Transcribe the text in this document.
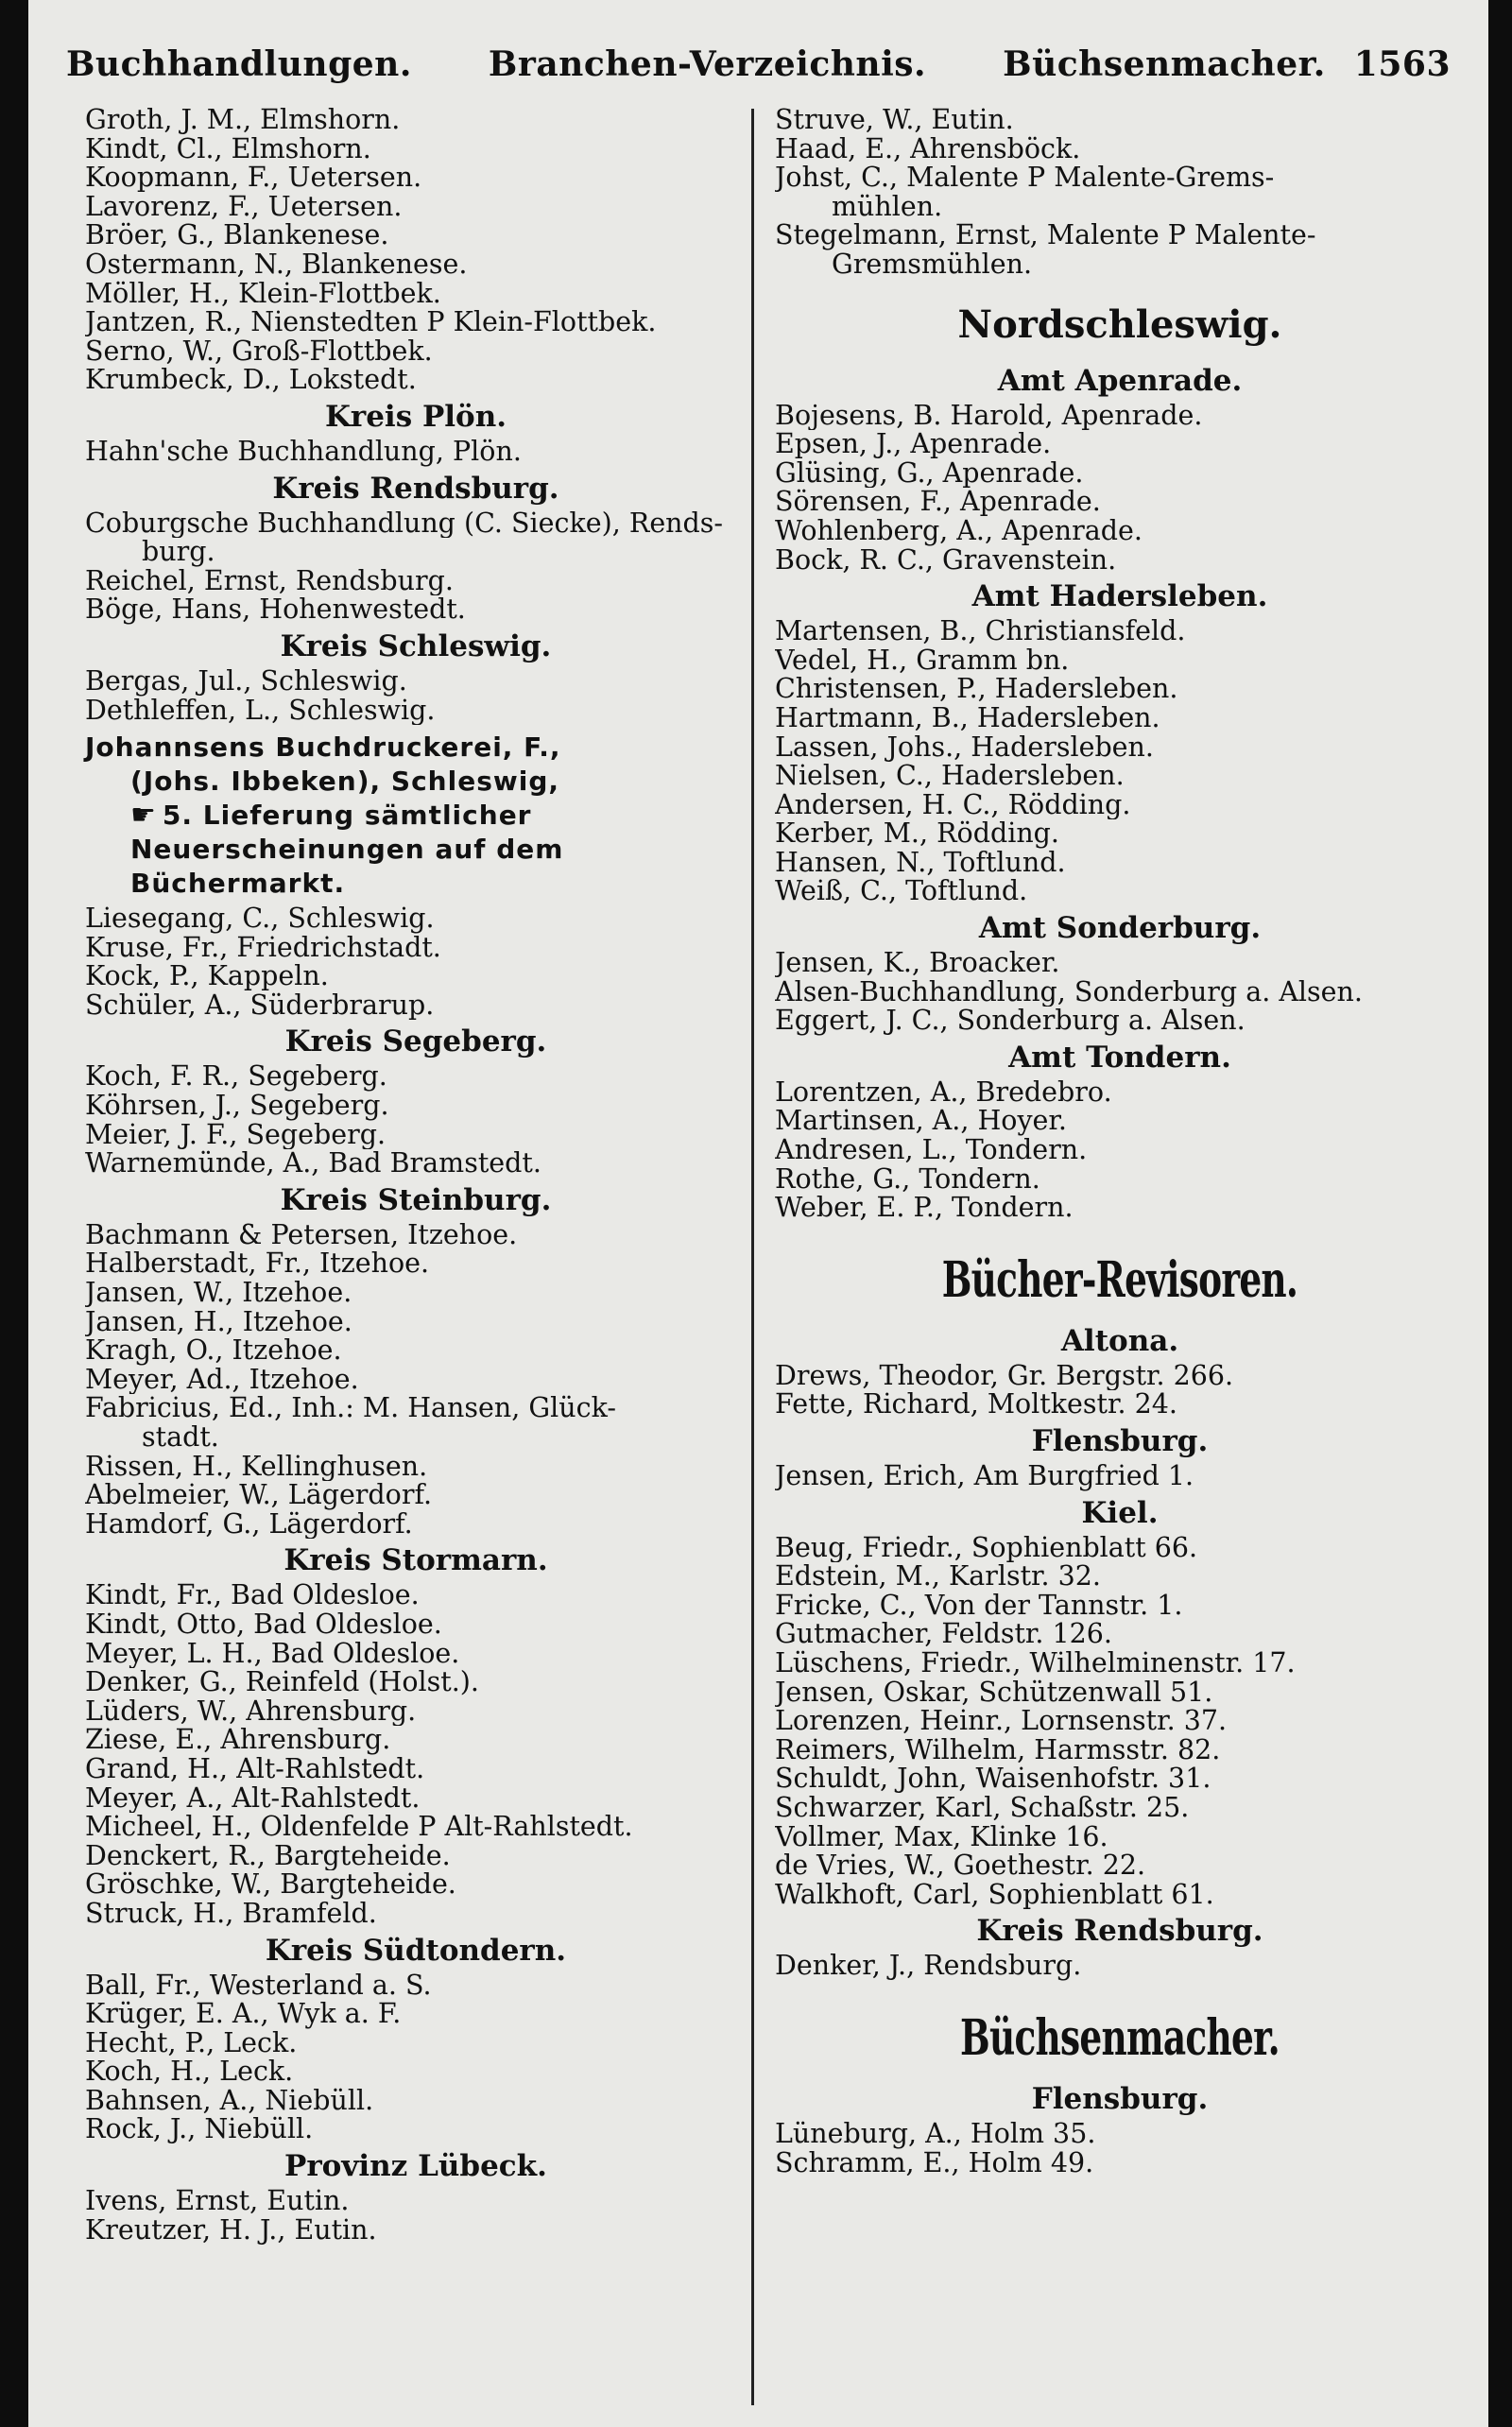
Buchhandlungen. Branchen-Verzeichnis. Büchsenmacher. 1563
Groth, J. M., Elmshorn.
Kindt, Cl., Elmshorn.
Koopmann, F., Uetersen.
Lavorenz, F., Uetersen.
Bröer, G., Blankenese.
Ostermann, N., Blankenese.
Möller, H., Klein-Flottbek.
Jantzen, R., Nienstedten P Klein-Flottbek.
Serno, W., Groß-Flottbek.
Krumbeck, D., Lokstedt.
Kreis Plön.
Hahn'sche Buchhandlung, Plön.
Kreis Rendsburg.
Coburgsche Buchhandlung (C. Siecke), Rends-
burg.
Reichel, Ernst, Rendsburg.
Böge, Hans, Hohenwestedt.
Kreis Schleswig.
Bergas, Jul., Schleswig.
Dethleffen, L., Schleswig.
Johannsens Buchdruckerei, F.,
(Johs. Ibbeken), Schleswig,
☛ 5. Lieferung sämtlicher
Neuerscheinungen auf dem
Büchermarkt.
Liesegang, C., Schleswig.
Kruse, Fr., Friedrichstadt.
Kock, P., Kappeln.
Schüler, A., Süderbrarup.
Kreis Segeberg.
Koch, F. R., Segeberg.
Köhrsen, J., Segeberg.
Meier, J. F., Segeberg.
Warnemünde, A., Bad Bramstedt.
Kreis Steinburg.
Bachmann & Petersen, Itzehoe.
Halberstadt, Fr., Itzehoe.
Jansen, W., Itzehoe.
Jansen, H., Itzehoe.
Kragh, O., Itzehoe.
Meyer, Ad., Itzehoe.
Fabricius, Ed., Inh.: M. Hansen, Glück-
stadt.
Rissen, H., Kellinghusen.
Abelmeier, W., Lägerdorf.
Hamdorf, G., Lägerdorf.
Kreis Stormarn.
Kindt, Fr., Bad Oldesloe.
Kindt, Otto, Bad Oldesloe.
Meyer, L. H., Bad Oldesloe.
Denker, G., Reinfeld (Holst.).
Lüders, W., Ahrensburg.
Ziese, E., Ahrensburg.
Grand, H., Alt-Rahlstedt.
Meyer, A., Alt-Rahlstedt.
Micheel, H., Oldenfelde P Alt-Rahlstedt.
Denckert, R., Bargteheide.
Gröschke, W., Bargteheide.
Struck, H., Bramfeld.
Kreis Südtondern.
Ball, Fr., Westerland a. S.
Krüger, E. A., Wyk a. F.
Hecht, P., Leck.
Koch, H., Leck.
Bahnsen, A., Niebüll.
Rock, J., Niebüll.
Provinz Lübeck.
Ivens, Ernst, Eutin.
Kreutzer, H. J., Eutin.
Struve, W., Eutin.
Haad, E., Ahrensböck.
Johst, C., Malente P Malente-Grems-
mühlen.
Stegelmann, Ernst, Malente P Malente-
Gremsmühlen.
Nordschleswig.
Amt Apenrade.
Bojesens, B. Harold, Apenrade.
Epsen, J., Apenrade.
Glüsing, G., Apenrade.
Sörensen, F., Apenrade.
Wohlenberg, A., Apenrade.
Bock, R. C., Gravenstein.
Amt Hadersleben.
Martensen, B., Christiansfeld.
Vedel, H., Gramm bn.
Christensen, P., Hadersleben.
Hartmann, B., Hadersleben.
Lassen, Johs., Hadersleben.
Nielsen, C., Hadersleben.
Andersen, H. C., Rödding.
Kerber, M., Rödding.
Hansen, N., Toftlund.
Weiß, C., Toftlund.
Amt Sonderburg.
Jensen, K., Broacker.
Alsen-Buchhandlung, Sonderburg a. Alsen.
Eggert, J. C., Sonderburg a. Alsen.
Amt Tondern.
Lorentzen, A., Bredebro.
Martinsen, A., Hoyer.
Andresen, L., Tondern.
Rothe, G., Tondern.
Weber, E. P., Tondern.
Bücher-Revisoren.
Altona.
Drews, Theodor, Gr. Bergstr. 266.
Fette, Richard, Moltkestr. 24.
Flensburg.
Jensen, Erich, Am Burgfried 1.
Kiel.
Beug, Friedr., Sophienblatt 66.
Edstein, M., Karlstr. 32.
Fricke, C., Von der Tannstr. 1.
Gutmacher, Feldstr. 126.
Lüschens, Friedr., Wilhelminenstr. 17.
Jensen, Oskar, Schützenwall 51.
Lorenzen, Heinr., Lornsenstr. 37.
Reimers, Wilhelm, Harmsstr. 82.
Schuldt, John, Waisenhofstr. 31.
Schwarzer, Karl, Schaßstr. 25.
Vollmer, Max, Klinke 16.
de Vries, W., Goethestr. 22.
Walkhoft, Carl, Sophienblatt 61.
Kreis Rendsburg.
Denker, J., Rendsburg.
Büchsenmacher.
Flensburg.
Lüneburg, A., Holm 35.
Schramm, E., Holm 49.
